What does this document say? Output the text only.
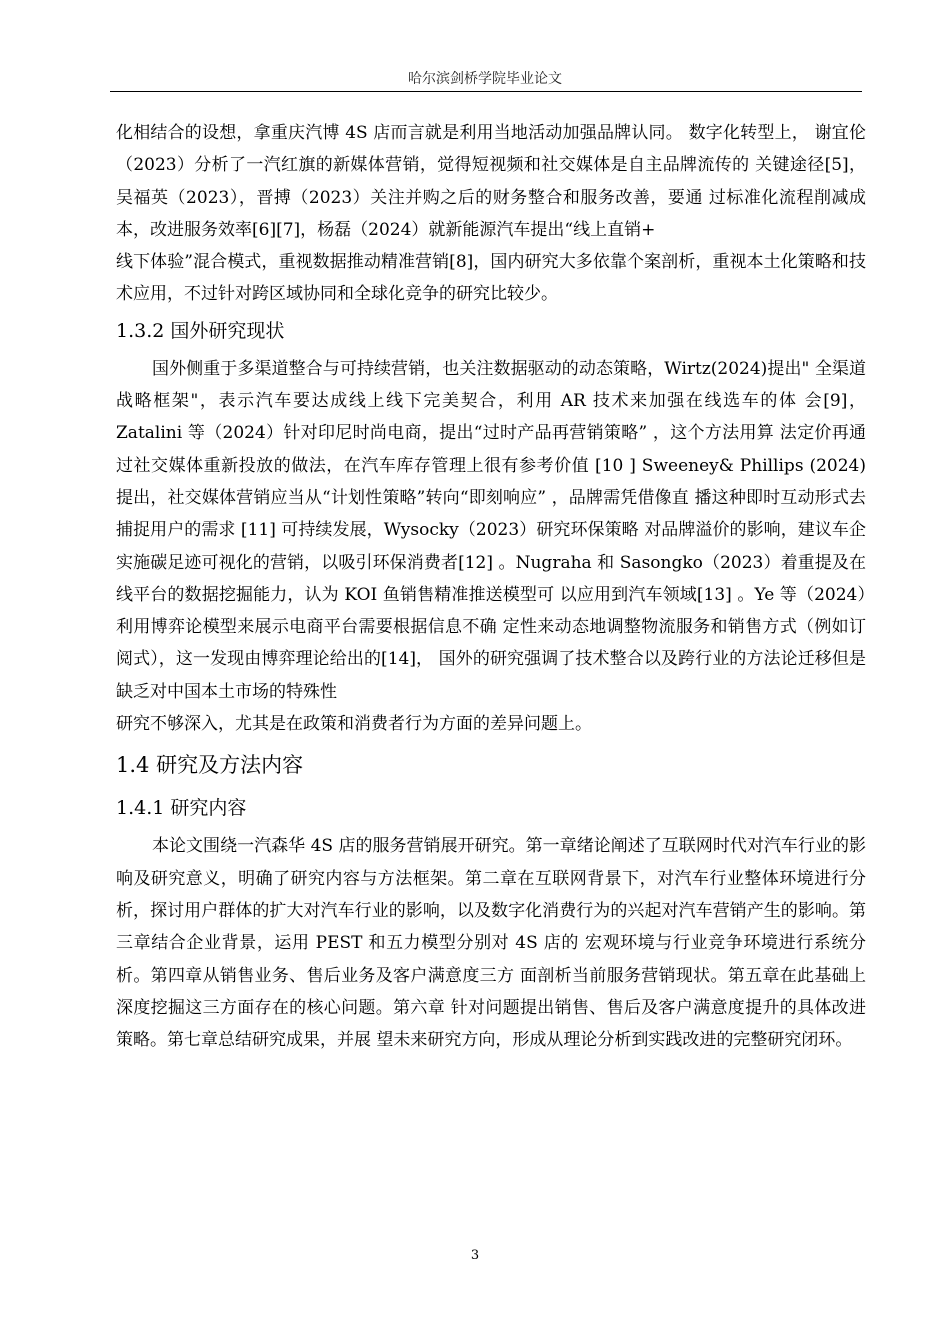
哈尔滨剑桥学院毕业论文

化相结合的设想，拿重庆汽博 4S 店而言就是利用当地活动加强品牌认同。 数字化转型上， 谢宜伦（2023）分析了一汽红旗的新媒体营销，觉得短视频和社交媒体是自主品牌流传的 关键途径[5]，吴福英（2023），晋搏（2023）关注并购之后的财务整合和服务改善，要通 过标准化流程削减成本，改进服务效率[6][7]，杨磊（2024）就新能源汽车提出“线上直销+

线下体验”混合模式，重视数据推动精准营销[8]，国内研究大多依靠个案剖析，重视本土化策略和技术应用，不过针对跨区域协同和全球化竞争的研究比较少。

1.3.2 国外研究现状

国外侧重于多渠道整合与可持续营销，也关注数据驱动的动态策略，Wirtz(2024)提出" 全渠道战略框架"，表示汽车要达成线上线下完美契合，利用 AR 技术来加强在线选车的体 会[9]，Zatalini 等（2024）针对印尼时尚电商，提出“过时产品再营销策略” ，这个方法用算 法定价再通过社交媒体重新投放的做法，在汽车库存管理上很有参考价值 [10 ] Sweeney& Phillips (2024) 提出，社交媒体营销应当从“计划性策略”转向“即刻响应” ，品牌需凭借像直 播这种即时互动形式去捕捉用户的需求 [11] 可持续发展，Wysocky（2023）研究环保策略 对品牌溢价的影响，建议车企实施碳足迹可视化的营销，以吸引环保消费者[12] 。Nugraha 和 Sasongko（2023）着重提及在线平台的数据挖掘能力，认为 KOI 鱼销售精准推送模型可 以应用到汽车领域[13] 。Ye 等（2024）利用博弈论模型来展示电商平台需要根据信息不确 定性来动态地调整物流服务和销售方式（例如订阅式），这一发现由博弈理论给出的[14]， 国外的研究强调了技术整合以及跨行业的方法论迁移但是缺乏对中国本土市场的特殊性

研究不够深入，尤其是在政策和消费者行为方面的差异问题上。

1.4 研究及方法内容
1.4.1 研究内容

本论文围绕一汽森华 4S 店的服务营销展开研究。第一章绪论阐述了互联网时代对汽车行业的影响及研究意义，明确了研究内容与方法框架。第二章在互联网背景下，对汽车行业整体环境进行分析，探讨用户群体的扩大对汽车行业的影响，以及数字化消费行为的兴起对汽车营销产生的影响。第三章结合企业背景，运用 PEST 和五力模型分别对 4S 店的 宏观环境与行业竞争环境进行系统分析。第四章从销售业务、售后业务及客户满意度三方 面剖析当前服务营销现状。第五章在此基础上深度挖掘这三方面存在的核心问题。第六章 针对问题提出销售、售后及客户满意度提升的具体改进策略。第七章总结研究成果，并展 望未来研究方向，形成从理论分析到实践改进的完整研究闭环。

3
